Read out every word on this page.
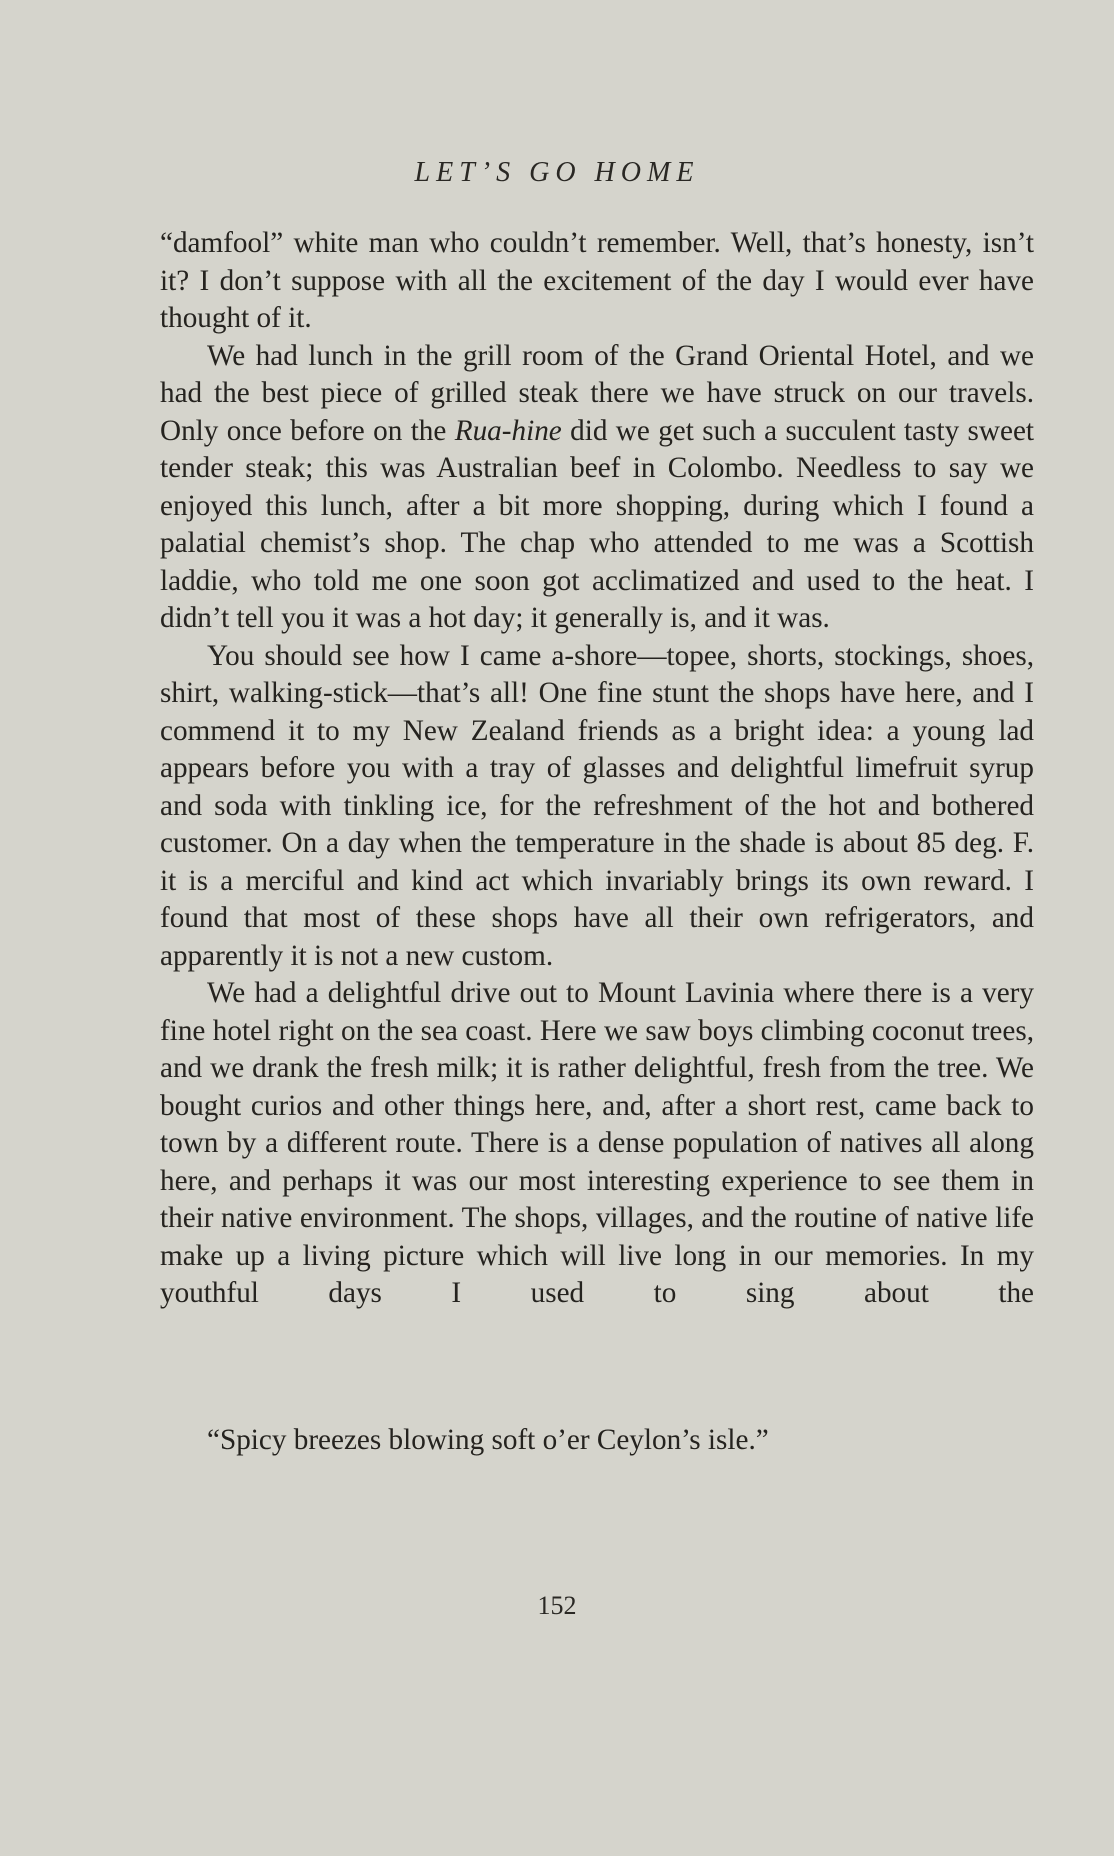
LET’S GO HOME

“damfool” white man who couldn’t remember. Well, that’s honesty, isn’t it? I don’t suppose with all the excitement of the day I would ever have thought of it.

We had lunch in the grill room of the Grand Oriental Hotel, and we had the best piece of grilled steak there we have struck on our travels. Only once before on the Rua-hine did we get such a succulent tasty sweet tender steak; this was Australian beef in Colombo. Needless to say we enjoyed this lunch, after a bit more shopping, during which I found a palatial chemist’s shop. The chap who attended to me was a Scottish laddie, who told me one soon got acclimatized and used to the heat. I didn’t tell you it was a hot day; it generally is, and it was.

You should see how I came a-shore—topee, shorts, stockings, shoes, shirt, walking-stick—that’s all! One fine stunt the shops have here, and I commend it to my New Zealand friends as a bright idea: a young lad appears before you with a tray of glasses and delightful limefruit syrup and soda with tinkling ice, for the refreshment of the hot and bothered customer. On a day when the temperature in the shade is about 85 deg. F. it is a merciful and kind act which invariably brings its own reward. I found that most of these shops have all their own refrigerators, and apparently it is not a new custom.

We had a delightful drive out to Mount Lavinia where there is a very fine hotel right on the sea coast. Here we saw boys climbing coconut trees, and we drank the fresh milk; it is rather delightful, fresh from the tree. We bought curios and other things here, and, after a short rest, came back to town by a different route. There is a dense population of natives all along here, and perhaps it was our most interesting experience to see them in their native environment. The shops, villages, and the routine of native life make up a living picture which will live long in our memories. In my youthful days I used to sing about the

“Spicy breezes blowing soft o’er Ceylon’s isle.”
152
